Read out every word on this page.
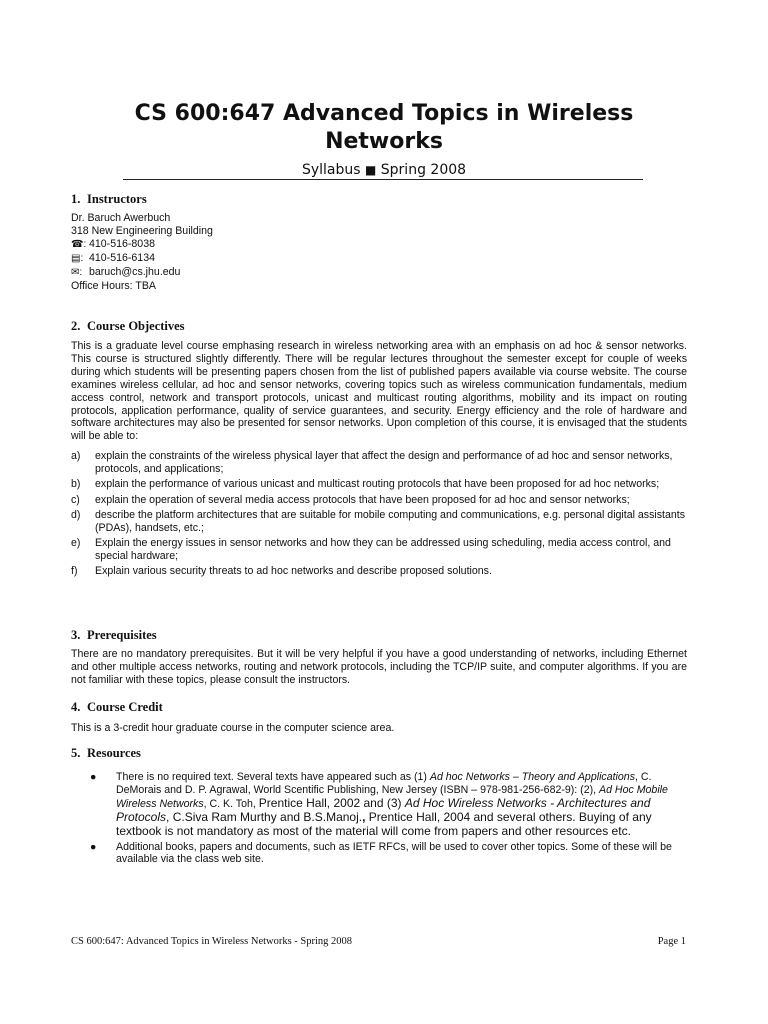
CS 600:647 Advanced Topics in Wireless Networks
Syllabus ■ Spring 2008
1. Instructors
Dr. Baruch Awerbuch
318 New Engineering Building
☎: 410-516-8038
▤: 410-516-6134
✉: baruch@cs.jhu.edu
Office Hours: TBA
2. Course Objectives
This is a graduate level course emphasing research in wireless networking area with an emphasis on ad hoc & sensor networks. This course is structured slightly differently. There will be regular lectures throughout the semester except for couple of weeks during which students will be presenting papers chosen from the list of published papers available via course website. The course examines wireless cellular, ad hoc and sensor networks, covering topics such as wireless communication fundamentals, medium access control, network and transport protocols, unicast and multicast routing algorithms, mobility and its impact on routing protocols, application performance, quality of service guarantees, and security. Energy efficiency and the role of hardware and software architectures may also be presented for sensor networks. Upon completion of this course, it is envisaged that the students will be able to:
a) explain the constraints of the wireless physical layer that affect the design and performance of ad hoc and sensor networks, protocols, and applications;
b) explain the performance of various unicast and multicast routing protocols that have been proposed for ad hoc networks;
c) explain the operation of several media access protocols that have been proposed for ad hoc and sensor networks;
d) describe the platform architectures that are suitable for mobile computing and communications, e.g. personal digital assistants (PDAs), handsets, etc.;
e) Explain the energy issues in sensor networks and how they can be addressed using scheduling, media access control, and special hardware;
f) Explain various security threats to ad hoc networks and describe proposed solutions.
3. Prerequisites
There are no mandatory prerequisites. But it will be very helpful if you have a good understanding of networks, including Ethernet and other multiple access networks, routing and network protocols, including the TCP/IP suite, and computer algorithms. If you are not familiar with these topics, please consult the instructors.
4. Course Credit
This is a 3-credit hour graduate course in the computer science area.
5. Resources
● There is no required text. Several texts have appeared such as (1) Ad hoc Networks – Theory and Applications, C. DeMorais and D. P. Agrawal, World Scentific Publishing, New Jersey (ISBN – 978-981-256-682-9): (2), Ad Hoc Mobile Wireless Networks, C. K. Toh, Prentice Hall, 2002 and (3) Ad Hoc Wireless Networks - Architectures and Protocols, C.Siva Ram Murthy and B.S.Manoj., Prentice Hall, 2004 and several others. Buying of any textbook is not mandatory as most of the material will come from papers and other resources etc.
● Additional books, papers and documents, such as IETF RFCs, will be used to cover other topics. Some of these will be available via the class web site.
CS 600:647: Advanced Topics in Wireless Networks - Spring 2008	Page 1
